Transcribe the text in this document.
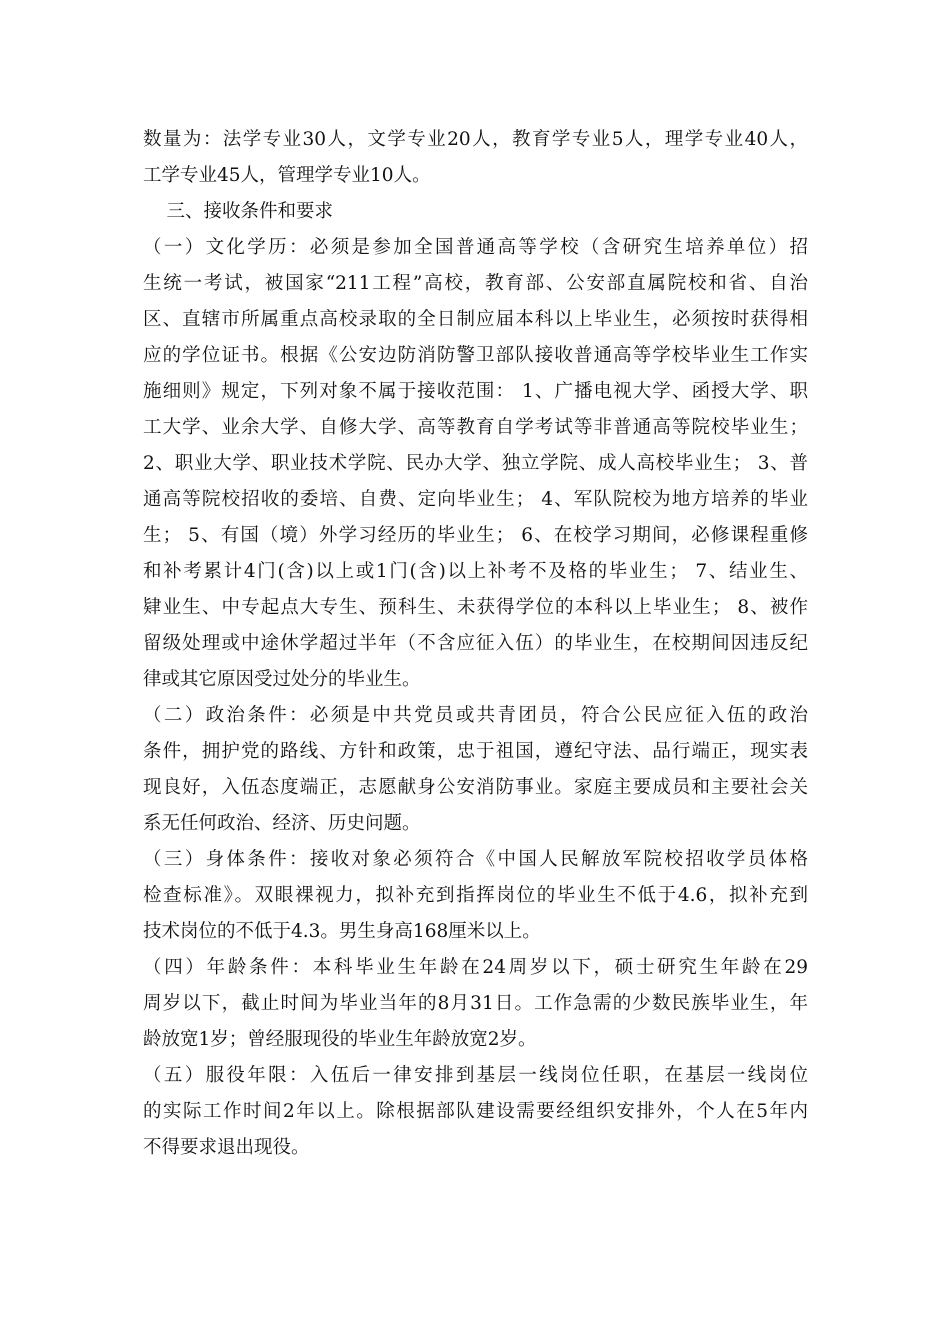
数量为：法学专业30人，文学专业20人，教育学专业5人，理学专业40人，
工学专业45人，管理学专业10人。
三、接收条件和要求
（一）文化学历：必须是参加全国普通高等学校（含研究生培养单位）招
生统一考试，被国家“211工程”高校，教育部、公安部直属院校和省、自治
区、直辖市所属重点高校录取的全日制应届本科以上毕业生，必须按时获得相
应的学位证书。根据《公安边防消防警卫部队接收普通高等学校毕业生工作实
施细则》规定，下列对象不属于接收范围： 1、广播电视大学、函授大学、职
工大学、业余大学、自修大学、高等教育自学考试等非普通高等院校毕业生；
2、职业大学、职业技术学院、民办大学、独立学院、成人高校毕业生； 3、普
通高等院校招收的委培、自费、定向毕业生； 4、军队院校为地方培养的毕业
生； 5、有国（境）外学习经历的毕业生； 6、在校学习期间，必修课程重修
和补考累计4门(含)以上或1门(含)以上补考不及格的毕业生； 7、结业生、
肄业生、中专起点大专生、预科生、未获得学位的本科以上毕业生； 8、被作
留级处理或中途休学超过半年（不含应征入伍）的毕业生，在校期间因违反纪
律或其它原因受过处分的毕业生。
（二）政治条件：必须是中共党员或共青团员，符合公民应征入伍的政治
条件，拥护党的路线、方针和政策，忠于祖国，遵纪守法、品行端正，现实表
现良好，入伍态度端正，志愿献身公安消防事业。家庭主要成员和主要社会关
系无任何政治、经济、历史问题。
（三）身体条件：接收对象必须符合《中国人民解放军院校招收学员体格
检查标准》。双眼裸视力，拟补充到指挥岗位的毕业生不低于4.6，拟补充到
技术岗位的不低于4.3。男生身高168厘米以上。
（四）年龄条件：本科毕业生年龄在24周岁以下，硕士研究生年龄在29
周岁以下，截止时间为毕业当年的8月31日。工作急需的少数民族毕业生，年
龄放宽1岁；曾经服现役的毕业生年龄放宽2岁。
（五）服役年限：入伍后一律安排到基层一线岗位任职，在基层一线岗位
的实际工作时间2年以上。除根据部队建设需要经组织安排外，个人在5年内
不得要求退出现役。
